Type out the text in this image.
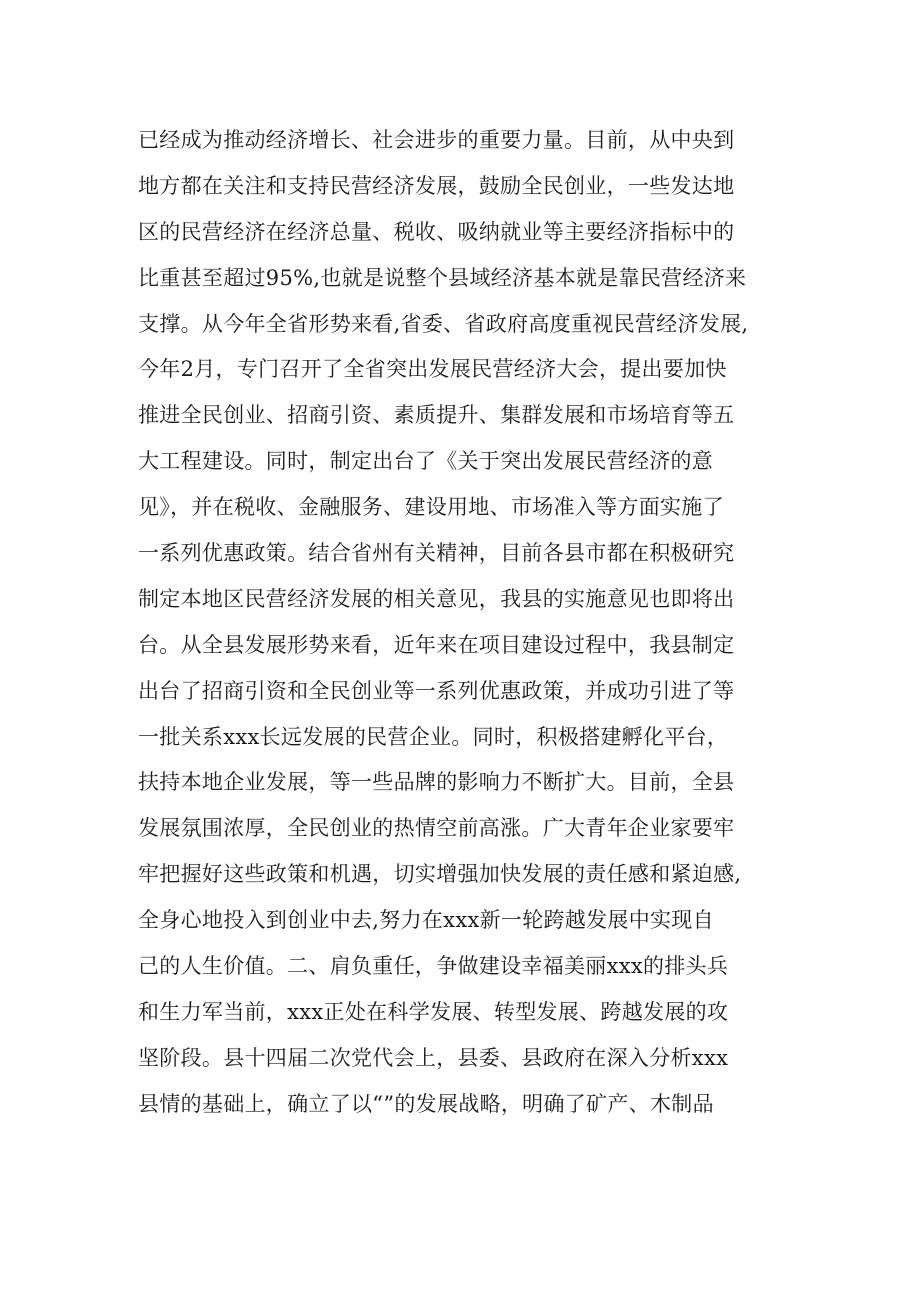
已经成为推动经济增长、社会进步的重要力量。目前，从中央到
地方都在关注和支持民营经济发展，鼓励全民创业，一些发达地
区的民营经济在经济总量、税收、吸纳就业等主要经济指标中的
比重甚至超过95%,也就是说整个县域经济基本就是靠民营经济来
支撑。从今年全省形势来看,省委、省政府高度重视民营经济发展,
今年2月，专门召开了全省突出发展民营经济大会，提出要加快
推进全民创业、招商引资、素质提升、集群发展和市场培育等五
大工程建设。同时，制定出台了《关于突出发展民营经济的意
见》，并在税收、金融服务、建设用地、市场准入等方面实施了
一系列优惠政策。结合省州有关精神，目前各县市都在积极研究
制定本地区民营经济发展的相关意见，我县的实施意见也即将出
台。从全县发展形势来看，近年来在项目建设过程中，我县制定
出台了招商引资和全民创业等一系列优惠政策，并成功引进了等
一批关系xxx长远发展的民营企业。同时，积极搭建孵化平台，
扶持本地企业发展，等一些品牌的影响力不断扩大。目前，全县
发展氛围浓厚，全民创业的热情空前高涨。广大青年企业家要牢
牢把握好这些政策和机遇，切实增强加快发展的责任感和紧迫感,
全身心地投入到创业中去,努力在xxx新一轮跨越发展中实现自
己的人生价值。二、肩负重任，争做建设幸福美丽xxx的排头兵
和生力军当前，xxx正处在科学发展、转型发展、跨越发展的攻
坚阶段。县十四届二次党代会上，县委、县政府在深入分析xxx
县情的基础上，确立了以“”的发展战略，明确了矿产、木制品
